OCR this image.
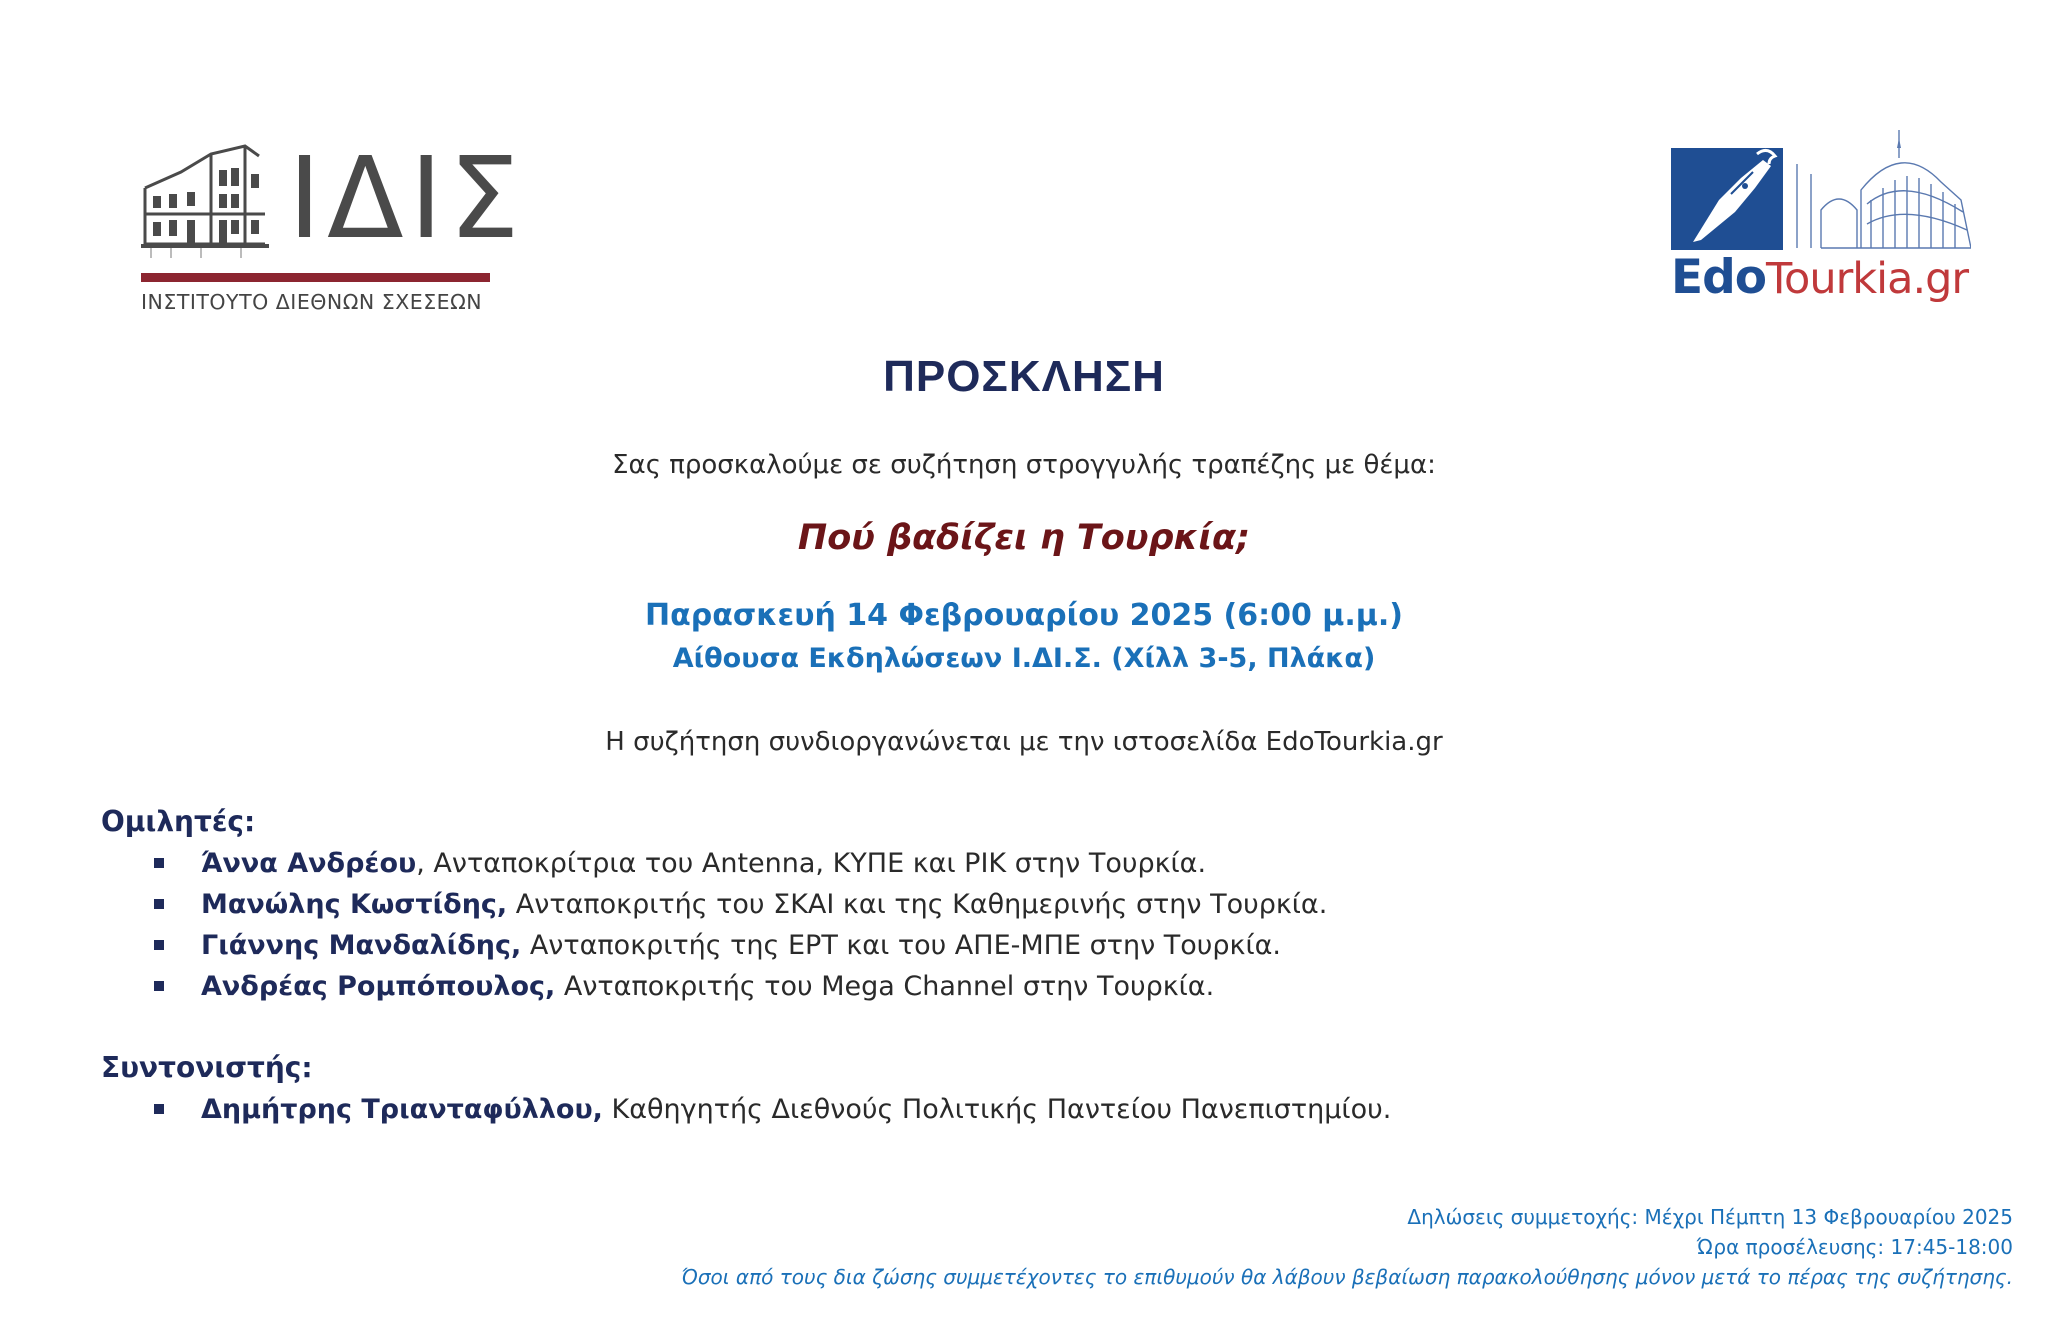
ΙΔΙΣ
ΙΝΣΤΙΤΟΥΤΟ ΔΙΕΘΝΩΝ ΣΧΕΣΕΩΝ	EdoTourkia.gr
ΠΡΟΣΚΛΗΣΗ
Σας προσκαλούμε σε συζήτηση στρογγυλής τραπέζης με θέμα:
Πού βαδίζει η Τουρκία;
Παρασκευή 14 Φεβρουαρίου 2025 (6:00 μ.μ.)
Αίθουσα Εκδηλώσεων Ι.ΔΙ.Σ. (Χίλλ 3-5, Πλάκα)
Η συζήτηση συνδιοργανώνεται με την ιστοσελίδα EdoTourkia.gr
Ομιλητές:
Άννα Ανδρέου, Ανταποκρίτρια του Antenna, ΚΥΠΕ και ΡΙΚ στην Τουρκία.
Μανώλης Κωστίδης, Ανταποκριτής του ΣΚΑΙ και της Καθημερινής στην Τουρκία.
Γιάννης Μανδαλίδης, Ανταποκριτής της ΕΡΤ και του ΑΠΕ-ΜΠΕ στην Τουρκία.
Ανδρέας Ρομπόπουλος, Ανταποκριτής του Mega Channel στην Τουρκία.
Συντονιστής:
Δημήτρης Τριανταφύλλου, Καθηγητής Διεθνούς Πολιτικής Παντείου Πανεπιστημίου.
Δηλώσεις συμμετοχής: Μέχρι Πέμπτη 13 Φεβρουαρίου 2025
Ώρα προσέλευσης: 17:45-18:00
Όσοι από τους δια ζώσης συμμετέχοντες το επιθυμούν θα λάβουν βεβαίωση παρακολούθησης μόνον μετά το πέρας της συζήτησης.
